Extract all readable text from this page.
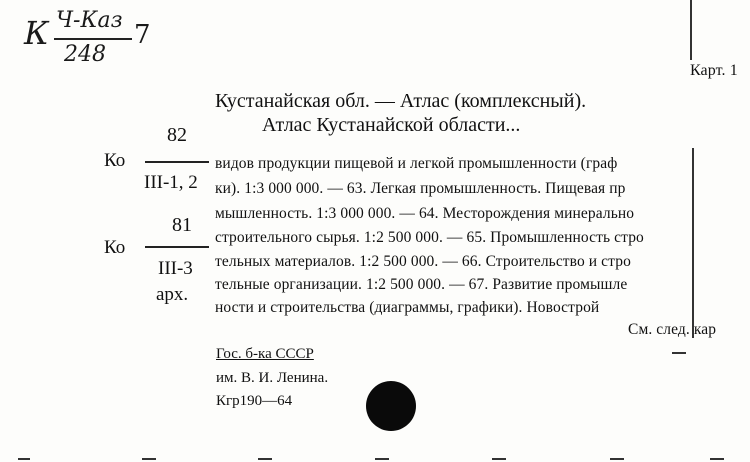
К Ч-Каз
248
7
Карт. 1
Кустанайская обл. — Атлас (комплексный).
Атлас Кустанайской области...
82
Ко
III-1, 2
81
Ко
III-3
арх.
видов продукции пищевой и легкой промышленности (граф
ки). 1:3 000 000. — 63. Легкая промышленность. Пищевая пр
мышленность. 1:3 000 000. — 64. Месторождения минерально
строительного сырья. 1:2 500 000. — 65. Промышленность стро
тельных материалов. 1:2 500 000. — 66. Строительство и стро
тельные организации. 1:2 500 000. — 67. Развитие промышле
ности и строительства (диаграммы, графики). Новострой
См. след. кар
Гос. б-ка СССР
им. В. И. Ленина.
Кгр190—64
